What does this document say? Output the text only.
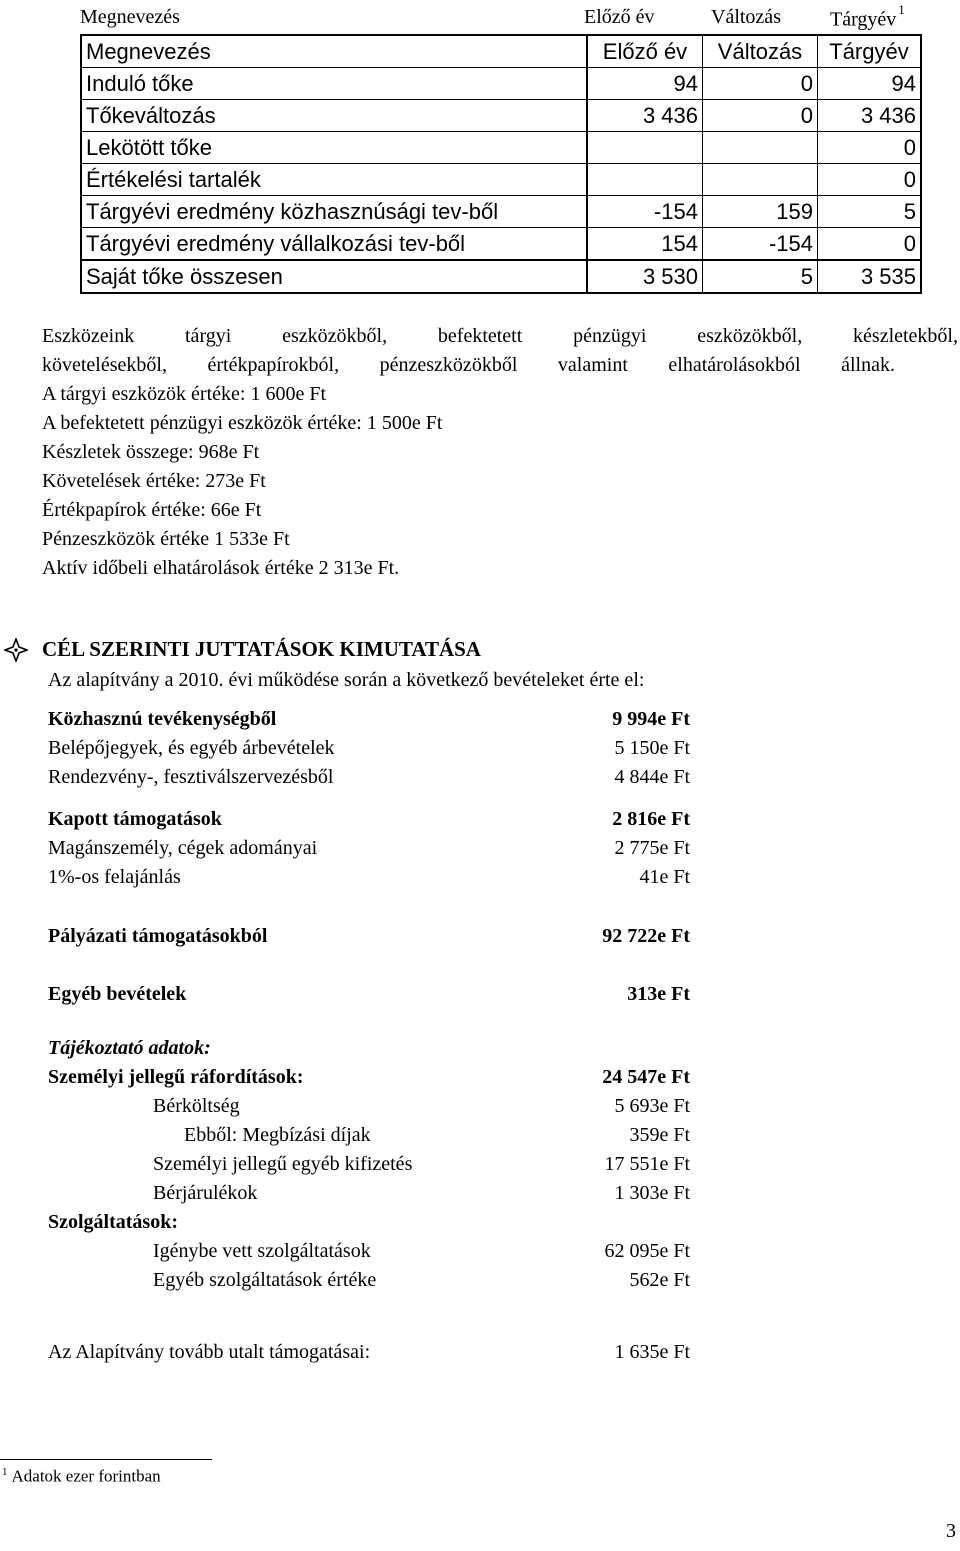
Megnevezés	Előző év	Változás Tárgyév $^1$
Megnevezés	Előző év	Változás	Tárgyév
Induló tőke	94	0	94
Tőkeváltozás	3 436	0	3 436
Lekötött tőke			0
Értékelési tartalék			0
Tárgyévi eredmény közhasznúsági tev-ből	-154	159	5
Tárgyévi eredmény vállalkozási tev-ből	154	-154	0
Saját tőke összesen	3 530	5	3 535
Eszközeink tárgyi eszközökből, befektetett pénzügyi eszközökből, készletekből,
követelésekből, értékpapírokból, pénzeszközökből valamint elhatárolásokból állnak.
A tárgyi eszközök értéke: 1 600e Ft
A befektetett pénzügyi eszközök értéke: 1 500e Ft
Készletek összege: 968e Ft
Követelések értéke: 273e Ft
Értékpapírok értéke: 66e Ft
Pénzeszközök értéke 1 533e Ft
Aktív időbeli elhatárolások értéke 2 313e Ft.
CÉL SZERINTI JUTTATÁSOK KIMUTATÁSA
Az alapítvány a 2010. évi működése során a következő bevételeket érte el:
Közhasznú tevékenységből	9 994e Ft
Belépőjegyek, és egyéb árbevételek	5 150e Ft
Rendezvény-, fesztiválszervezésből	4 844e Ft
Kapott támogatások	2 816e Ft
Magánszemély, cégek adományai	2 775e Ft
1%-os felajánlás	41e Ft
Pályázati támogatásokból	92 722e Ft
Egyéb bevételek	313e Ft
Tájékoztató adatok:
Személyi jellegű ráfordítások:	24 547e Ft
Bérköltség	5 693e Ft
Ebből: Megbízási díjak	359e Ft
Személyi jellegű egyéb kifizetés	17 551e Ft
Bérjárulékok	1 303e Ft
Szolgáltatások:
Igénybe vett szolgáltatások	62 095e Ft
Egyéb szolgáltatások értéke	562e Ft
Az Alapítvány tovább utalt támogatásai:	1 635e Ft
$^1$ Adatok ezer forintban
3
